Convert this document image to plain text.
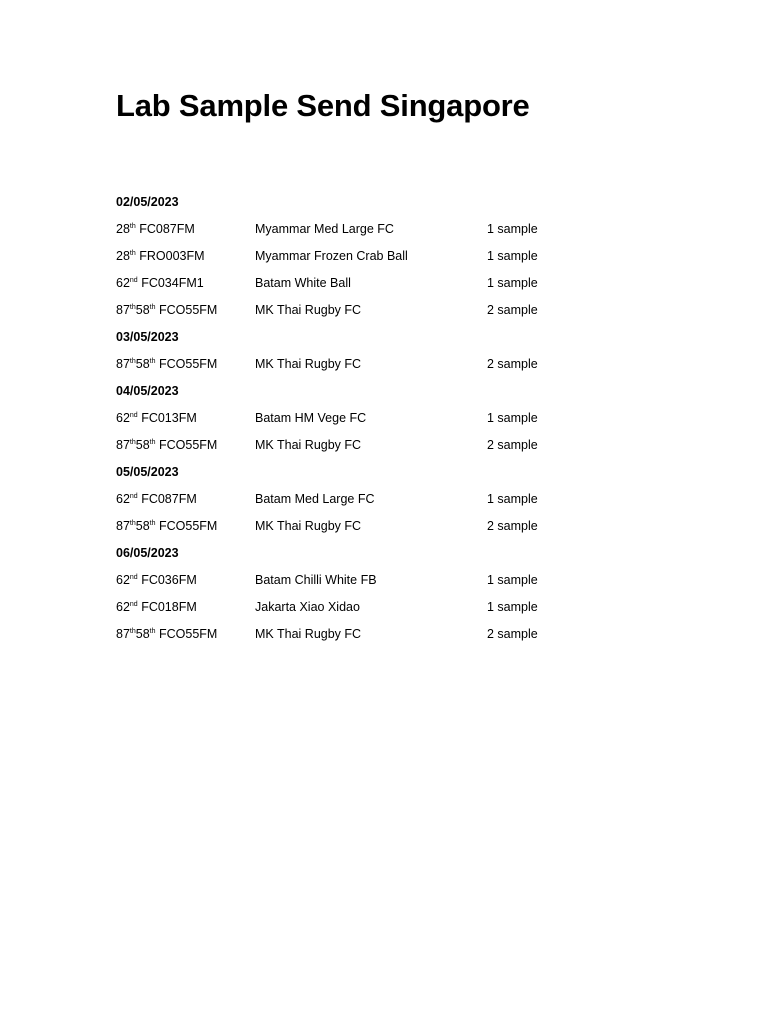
Lab Sample Send Singapore
02/05/2023
28th FC087FM	Myammar Med Large FC	1 sample
28th FRO003FM	Myammar Frozen Crab Ball	1 sample
62nd FC034FM1	Batam White Ball	1 sample
87th58th FCO55FM	MK Thai Rugby FC	2 sample
03/05/2023
87th58th FCO55FM	MK Thai Rugby FC	2 sample
04/05/2023
62nd FC013FM	Batam HM Vege FC	1 sample
87th58th FCO55FM	MK Thai Rugby FC	2 sample
05/05/2023
62nd FC087FM	Batam Med Large FC	1 sample
87th58th FCO55FM	MK Thai Rugby FC	2 sample
06/05/2023
62nd FC036FM	Batam Chilli White FB	1 sample
62nd FC018FM	Jakarta Xiao Xidao	1 sample
87th58th FCO55FM	MK Thai Rugby FC	2 sample
